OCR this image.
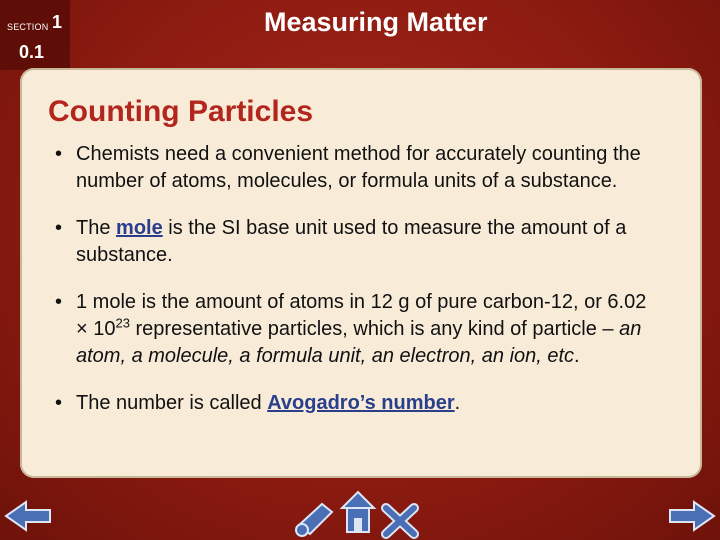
SECTION 1
0.1
Measuring Matter
Counting Particles
• Chemists need a convenient method for accurately counting the number of atoms, molecules, or formula units of a substance.
• The mole is the SI base unit used to measure the amount of a substance.
• 1 mole is the amount of atoms in 12 g of pure carbon-12, or $6.02 \times 10^{23}$ representative particles, which is any kind of particle – an atom, a molecule, a formula unit, an electron, an ion, etc.
• The number is called Avogadro’s number.
